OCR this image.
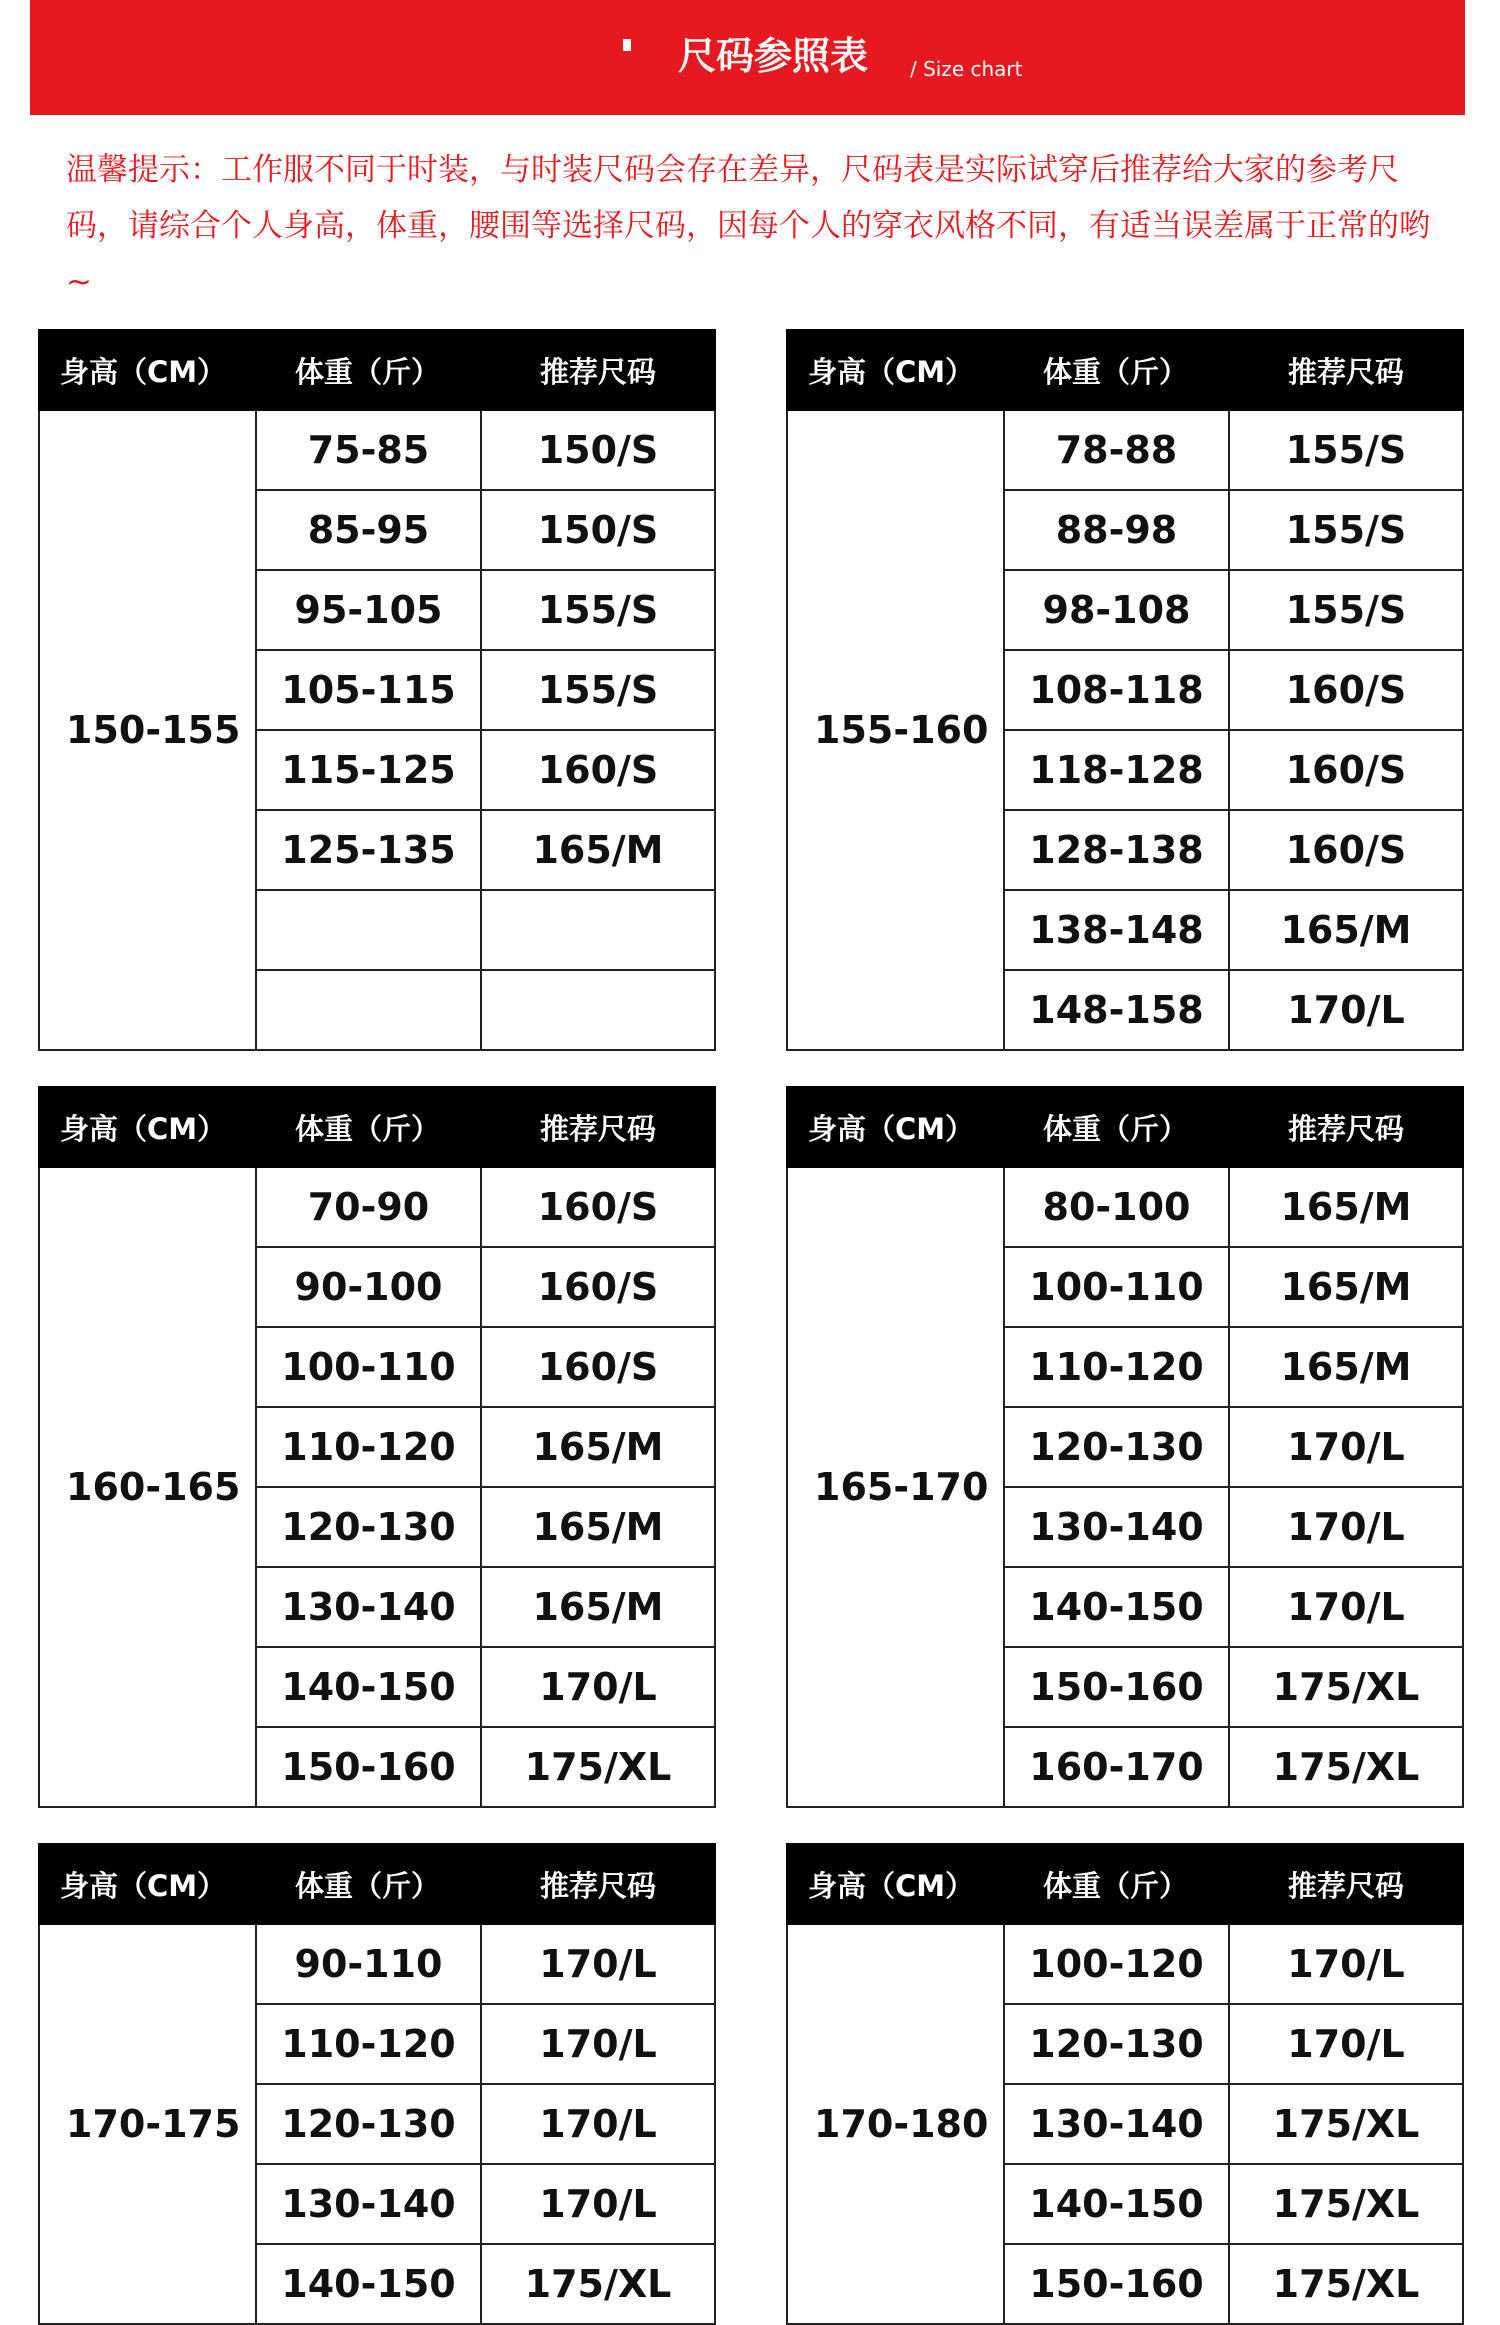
尺码参照表 / Size chart
温馨提示：工作服不同于时装，与时装尺码会存在差异，尺码表是实际试穿后推荐给大家的参考尺码，请综合个人身高，体重，腰围等选择尺码，因每个人的穿衣风格不同，有适当误差属于正常的哟~
身高（CM）	体重（斤）	推荐尺码
150-155	75-85	150/S
	85-95	150/S
	95-105	155/S
	105-115	155/S
	115-125	160/S
	125-135	165/M

身高（CM）	体重（斤）	推荐尺码
155-160	78-88	155/S
	88-98	155/S
	98-108	155/S
	108-118	160/S
	118-128	160/S
	128-138	160/S
	138-148	165/M
	148-158	170/L
身高（CM）	体重（斤）	推荐尺码
160-165	70-90	160/S
	90-100	160/S
	100-110	160/S
	110-120	165/M
	120-130	165/M
	130-140	165/M
	140-150	170/L
	150-160	175/XL
身高（CM）	体重（斤）	推荐尺码
165-170	80-100	165/M
	100-110	165/M
	110-120	165/M
	120-130	170/L
	130-140	170/L
	140-150	170/L
	150-160	175/XL
	160-170	175/XL
身高（CM）	体重（斤）	推荐尺码
170-175	90-110	170/L
	110-120	170/L
	120-130	170/L
	130-140	170/L
	140-150	175/XL
身高（CM）	体重（斤）	推荐尺码
170-180	100-120	170/L
	120-130	170/L
	130-140	175/XL
	140-150	175/XL
	150-160	175/XL
